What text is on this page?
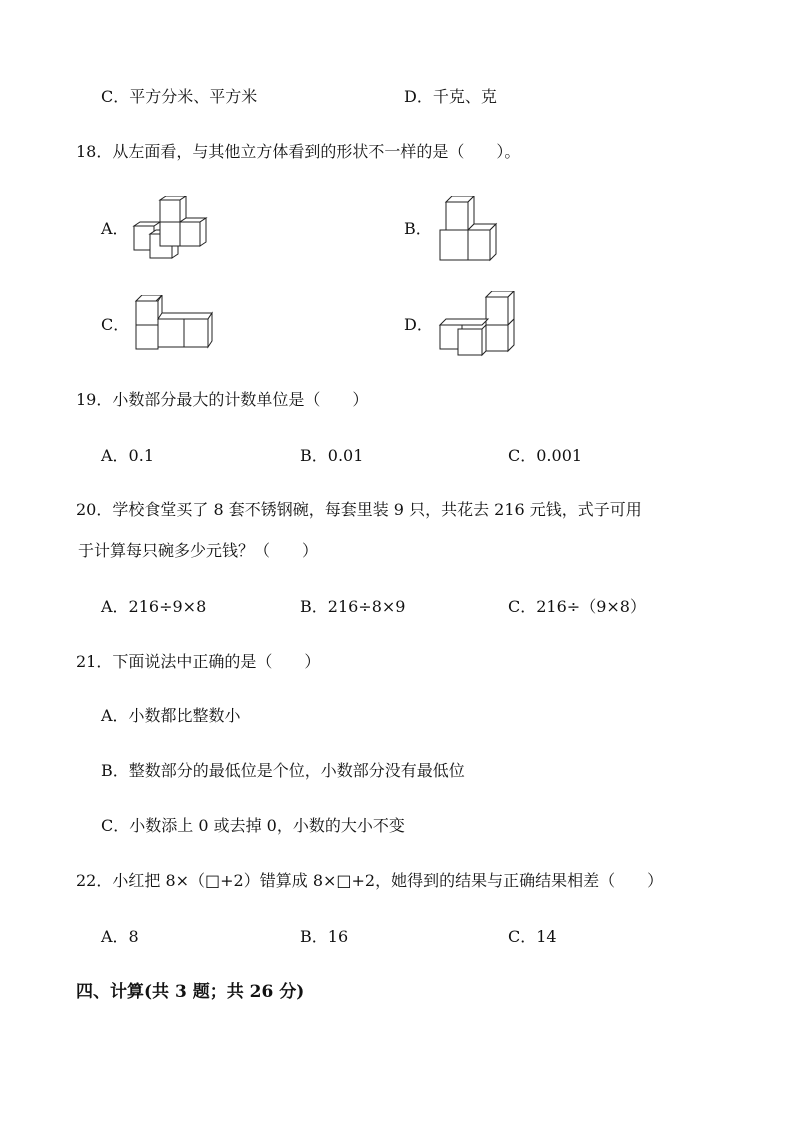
C．平方分米、平方米	D．千克、克
18．从左面看，与其他立方体看到的形状不一样的是（　　）。
A．	B．
C．	D．
19．小数部分最大的计数单位是（　　）
A．0.1	B．0.01	C．0.001
20．学校食堂买了 8 套不锈钢碗，每套里装 9 只，共花去 216 元钱，式子可用
于计算每只碗多少元钱？（　　）
A．216÷9×8	B．216÷8×9	C．216÷（9×8）
21．下面说法中正确的是（　　）
A．小数都比整数小
B．整数部分的最低位是个位，小数部分没有最低位
C．小数添上 0 或去掉 0，小数的大小不变
22．小红把 8×（□+2）错算成 8×□+2，她得到的结果与正确结果相差（　　）
A．8	B．16	C．14
四、计算(共 3 题；共 26 分)
